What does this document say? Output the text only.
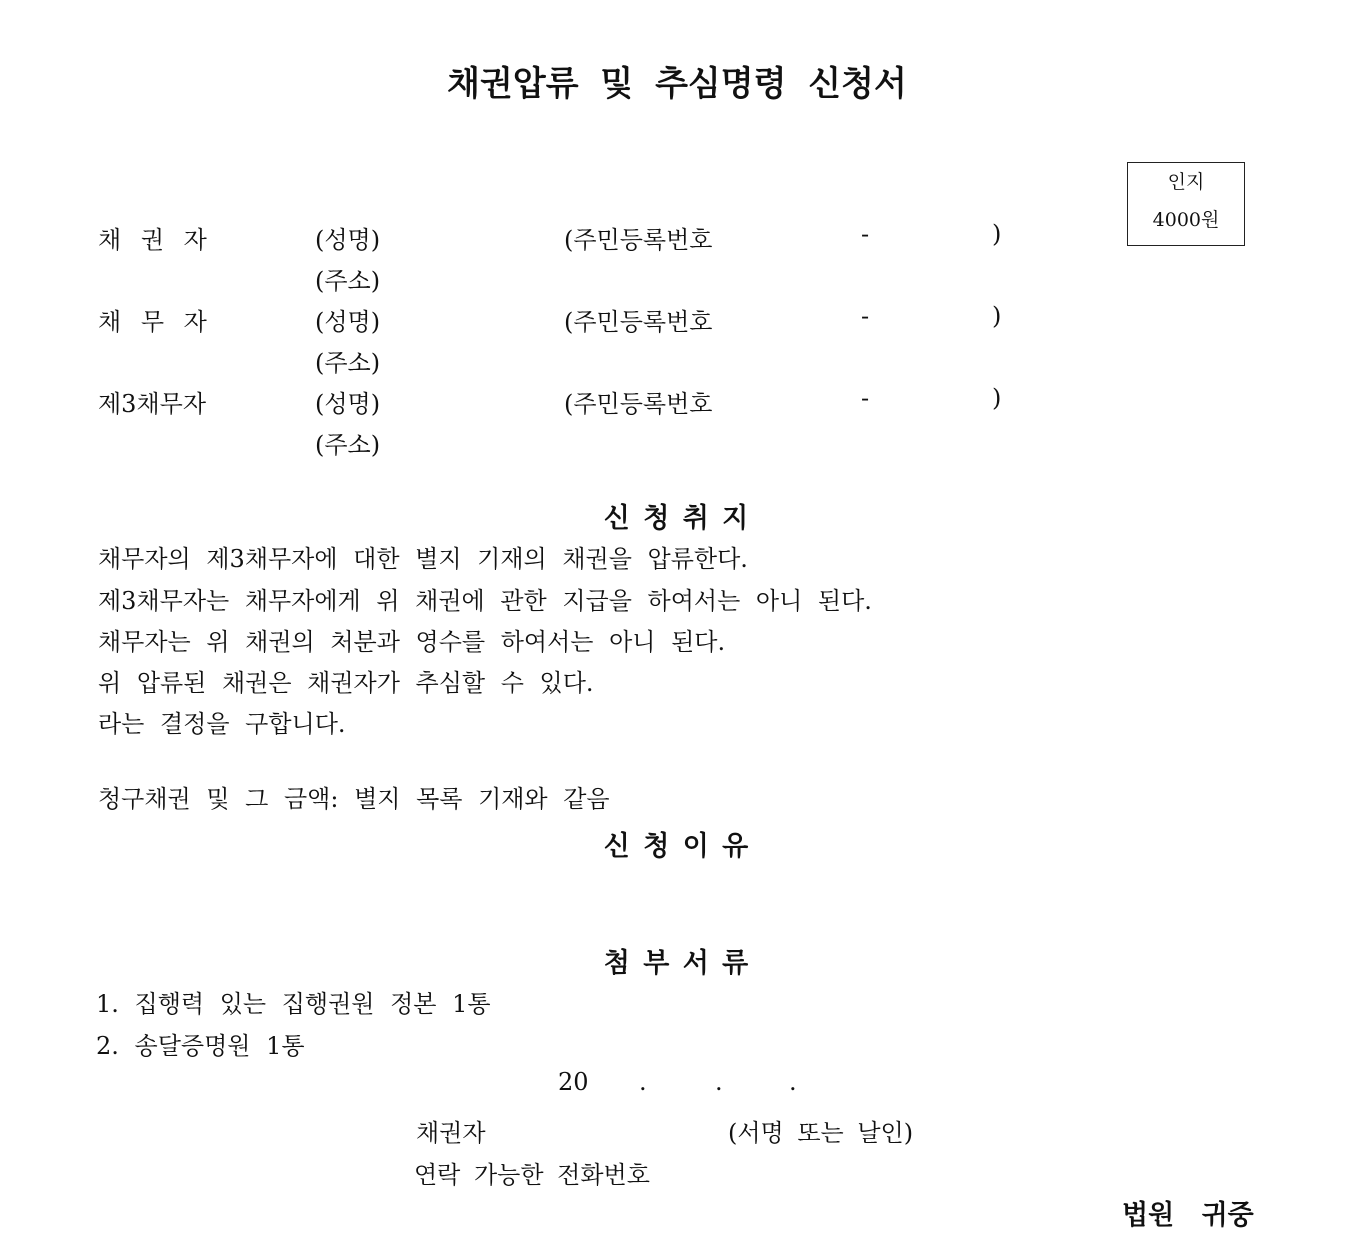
채권압류 및 추심명령 신청서
인지
4000원
채 권 자	(성명)	(주민등록번호	-	)
(주소)
채 무 자	(성명)	(주민등록번호	-	)
(주소)
제3채무자	(성명)	(주민등록번호	-	)
(주소)
신 청 취 지
채무자의 제3채무자에 대한 별지 기재의 채권을 압류한다.
제3채무자는 채무자에게 위 채권에 관한 지급을 하여서는 아니 된다.
채무자는 위 채권의 처분과 영수를 하여서는 아니 된다.
위 압류된 채권은 채권자가 추심할 수 있다.
라는 결정을 구합니다.
청구채권 및 그 금액: 별지 목록 기재와 같음
신 청 이 유
첨 부 서 류
1. 집행력 있는 집행권원 정본 1통
2. 송달증명원 1통
20 .	.	.
채권자	(서명 또는 날인)
연락 가능한 전화번호
법원 귀중
